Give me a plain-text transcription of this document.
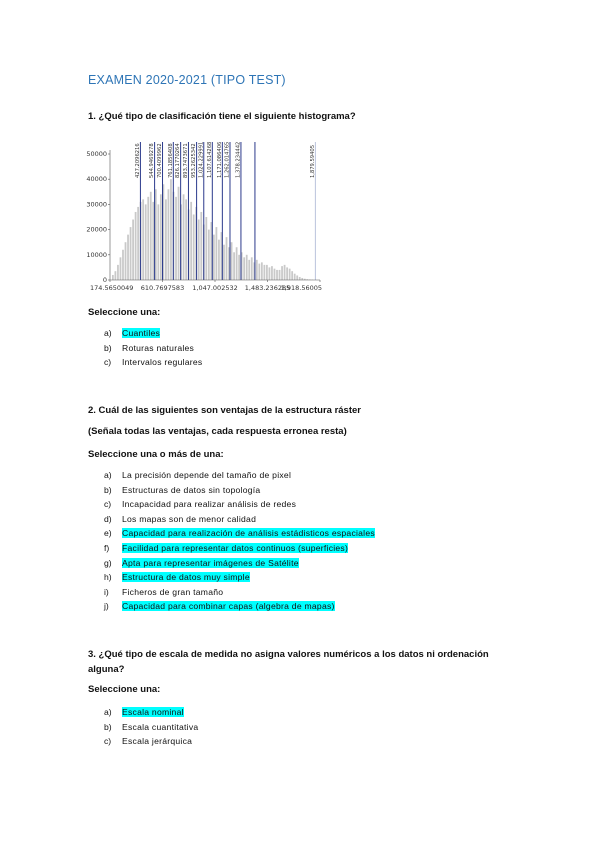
EXAMEN 2020-2021 (TIPO TEST)
1. ¿Qué tipo de clasificación tiene el siguiente histograma?
427.2096216 544.9469278 700.4099962 761.1856408 826.1770264 893.7473671 953.2625342 1,024.229991 1,107.614268 1,171.086406 1,262.014765 1,378.234442	1,879.59405
50000
40000
30000
20000
10000
0
174.5650049 610.7697583 1,047.002532 1,483.236285
1,918.56005
Seleccione una:
a) Cuantiles
b) Roturas naturales
c) Intervalos regulares
2. Cuál de las siguientes son ventajas de la estructura ráster
(Señala todas las ventajas, cada respuesta erronea resta)
Seleccione una o más de una:
a) La precisión depende del tamaño de pixel
b) Estructuras de datos sin topología
c) Incapacidad para realizar análisis de redes
d) Los mapas son de menor calidad
e) Capacidad para realización de análisis estádisticos espaciales
f) Facilidad para representar datos continuos (superficies)
g) Apta para representar imágenes de Satélite
h) Estructura de datos muy simple
i) Ficheros de gran tamaño
j) Capacidad para combinar capas (algebra de mapas)
3. ¿Qué tipo de escala de medida no asigna valores numéricos a los datos ni ordenación alguna?
Seleccione una:
a) Escala nominal
b) Escala cuantitativa
c) Escala jerárquica
